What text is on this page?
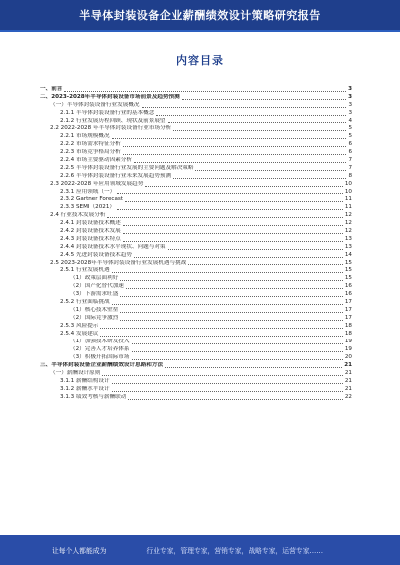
半导体封装设备企业薪酬绩效设计策略研究报告
内容目录
一、前言	3
二、2023-2028年半导体封装设备市场前景及趋势预测	3
（一）半导体封装设备行业发展概况	3
2.1.1 半导体封装设备行业的基本概念	3
2.1.2 行业发展历程回顾、现状及前景展望	4
2.2 2022-2028 年半导体封装设备行业市场分析	5
2.2.1 市场规模概况	5
2.2.2 市场需求特征分析	6
2.2.3 市场竞争格局分析	6
2.2.4 市场主要驱动因素分析	7
2.2.5 半导体封装设备行业发展的主要问题及解决策略	7
2.2.6 半导体封装设备行业未来发展趋势预测	8
2.3 2022-2028 年应用领域发展趋势	10
2.3.1 应用领域（一）	10
2.3.2 Gartner Forecast	11
2.3.3 SEMI（2021）	11
2.4 行业技术发展分析	12
2.4.1 封装设备技术概述	12
2.4.2 封装设备技术发展	12
2.4.3 封装设备技术特点	13
2.4.4 封装设备技术水平现状、问题与对策	13
2.4.5 先进封装设备技术趋势	14
2.5 2023-2028年半导体封装设备行业发展机遇与挑战	15
2.5.1 行业发展机遇	15
（1）政策层面利好	15
（2）国产化替代加速	16
（3）下游需求旺盛	16
2.5.2 行业面临挑战	17
（1）核心技术壁垒	17
（2）国际竞争激烈	17
2.5.3 风险提示	18
2.5.4 发展建议	18
（1）加强技术研发投入	19
（2）完善人才培养体系	19
（3）积极开拓国际市场	20
三、半导体封装设备企业薪酬绩效设计思路和方法	21
（一）薪酬设计原则	21
3.1.1 薪酬结构设计	21
3.1.2 薪酬水平设计	21
3.1.3 绩效考核与薪酬联动	22
让每个人都能成为	行业专家，管理专家，营销专家，战略专家，运营专家……
